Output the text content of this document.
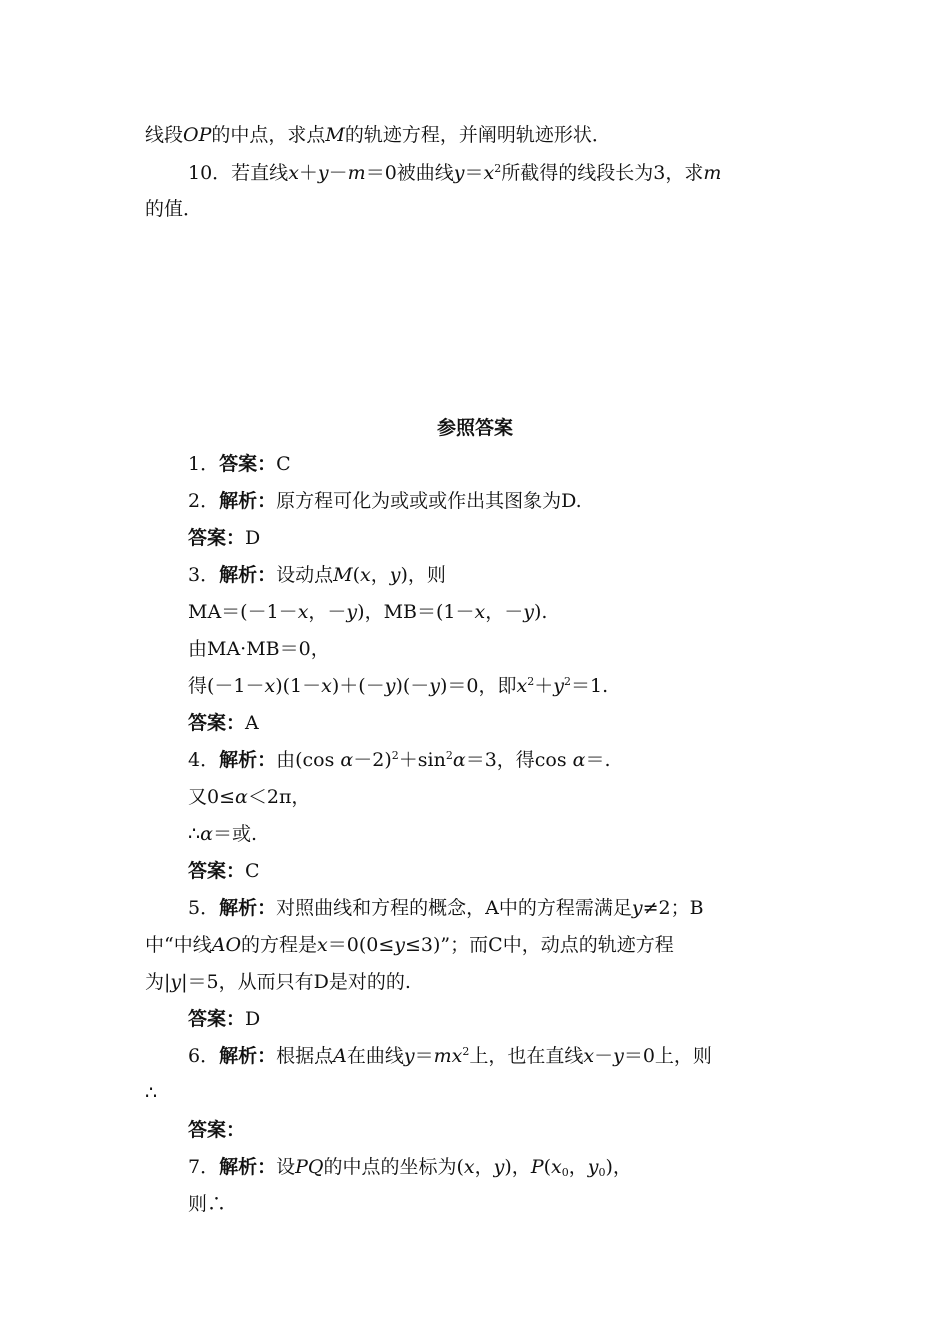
线段OP的中点，求点M的轨迹方程，并阐明轨迹形状．
10．若直线x＋y－m＝0被曲线$y=x^2$所截得的线段长为3，求m
的值．
参照答案
1．答案：C
2．解析：原方程可化为或或或作出其图象为D.
答案：D
3．解析：设动点M(x，y)，则
MA＝(－1－x，－y)，MB＝(1－x，－y).
由MA·MB＝0，
得(－1－x)(1－x)＋(－y)(－y)＝0，即$x^2+y^2=1$.
答案：A
4．解析：由(cos $\alpha-2)^2+\sin^2\alpha=3$，得cos α＝.
又0≤α＜2π，
∴α＝或.
答案：C
5．解析：对照曲线和方程的概念，A中的方程需满足y≠2；B
中“中线AO的方程是x＝0(0≤y≤3)”；而C中，动点的轨迹方程
为|y|＝5，从而只有D是对的的.
答案：D
6．解析：根据点A在曲线$y=mx^2$上，也在直线x－y＝0上，则
∴
答案：
7．解析：设PQ的中点的坐标为(x，y)，$P(x_0$，$y_0$)，
则∴
